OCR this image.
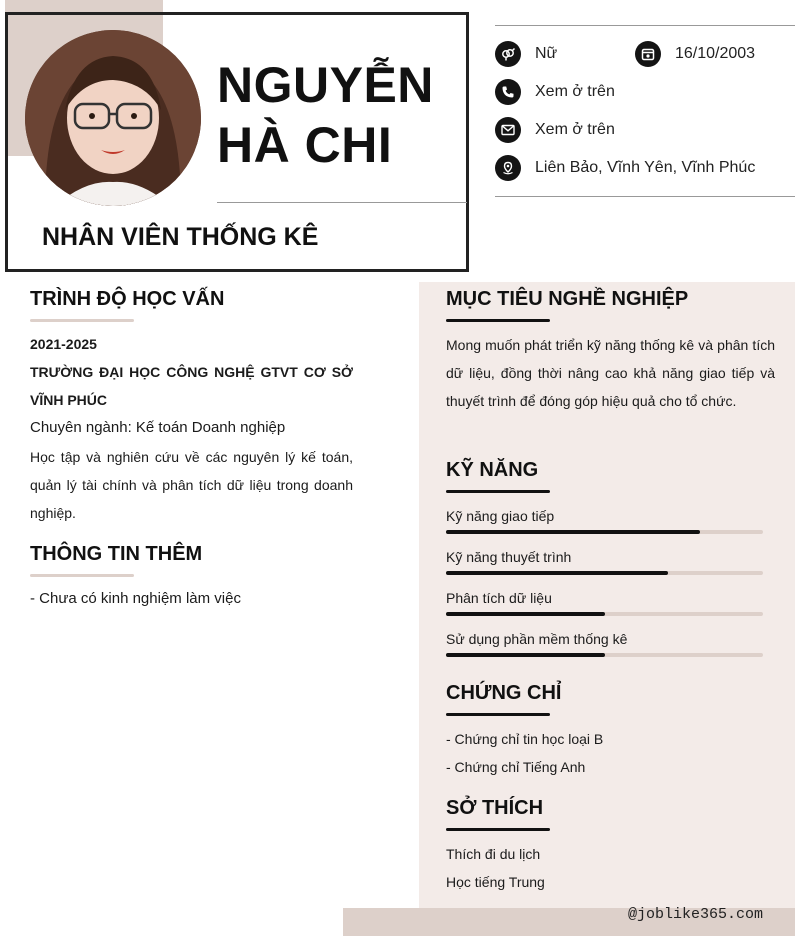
NGUYỄN
HÀ CHI
NHÂN VIÊN THỐNG KÊ
Nữ	16/10/2003
Xem ở trên
Xem ở trên
Liên Bảo, Vĩnh Yên, Vĩnh Phúc
@joblike365.com
TRÌNH ĐỘ HỌC VẤN
2021-2025
TRƯỜNG ĐẠI HỌC CÔNG NGHỆ GTVT CƠ SỞ VĨNH PHÚC
Chuyên ngành: Kế toán Doanh nghiệp
Học tập và nghiên cứu về các nguyên lý kế toán, quản lý tài chính và phân tích dữ liệu trong doanh nghiệp.
THÔNG TIN THÊM
- Chưa có kinh nghiệm làm việc
MỤC TIÊU NGHỀ NGHIỆP
Mong muốn phát triển kỹ năng thống kê và phân tích dữ liệu, đồng thời nâng cao khả năng giao tiếp và thuyết trình để đóng góp hiệu quả cho tổ chức.
KỸ NĂNG
Kỹ năng giao tiếp
Kỹ năng thuyết trình
Phân tích dữ liệu
Sử dụng phần mềm thống kê
CHỨNG CHỈ
- Chứng chỉ tin học loại B
- Chứng chỉ Tiếng Anh
SỞ THÍCH
Thích đi du lịch
Học tiếng Trung
